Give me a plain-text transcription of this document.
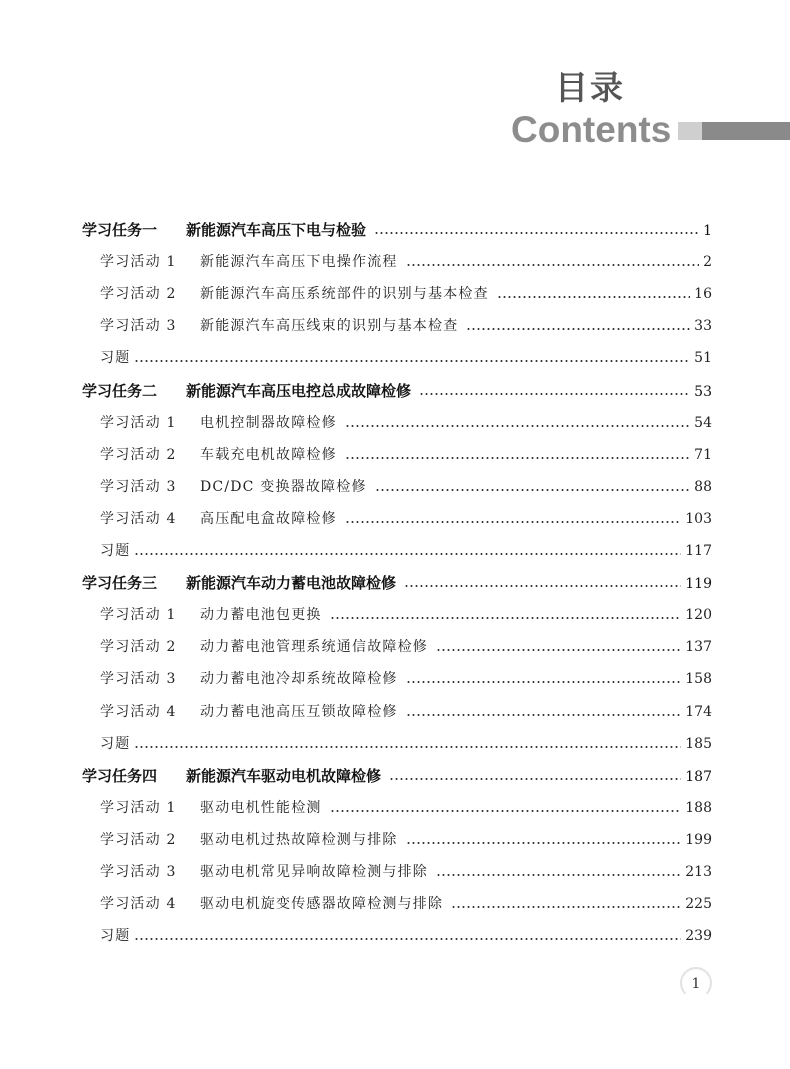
目录
Contents
学习任务一	新能源汽车高压下电与检验	1
学习活动 1	新能源汽车高压下电操作流程	2
学习活动 2	新能源汽车高压系统部件的识别与基本检查	16
学习活动 3	新能源汽车高压线束的识别与基本检查	33
习题	51
学习任务二	新能源汽车高压电控总成故障检修	53
学习活动 1	电机控制器故障检修	54
学习活动 2	车载充电机故障检修	71
学习活动 3	DC/DC 变换器故障检修	88
学习活动 4	高压配电盒故障检修	103
习题	117
学习任务三	新能源汽车动力蓄电池故障检修	119
学习活动 1	动力蓄电池包更换	120
学习活动 2	动力蓄电池管理系统通信故障检修	137
学习活动 3	动力蓄电池冷却系统故障检修	158
学习活动 4	动力蓄电池高压互锁故障检修	174
习题	185
学习任务四	新能源汽车驱动电机故障检修	187
学习活动 1	驱动电机性能检测	188
学习活动 2	驱动电机过热故障检测与排除	199
学习活动 3	驱动电机常见异响故障检测与排除	213
学习活动 4	驱动电机旋变传感器故障检测与排除	225
习题	239
1
